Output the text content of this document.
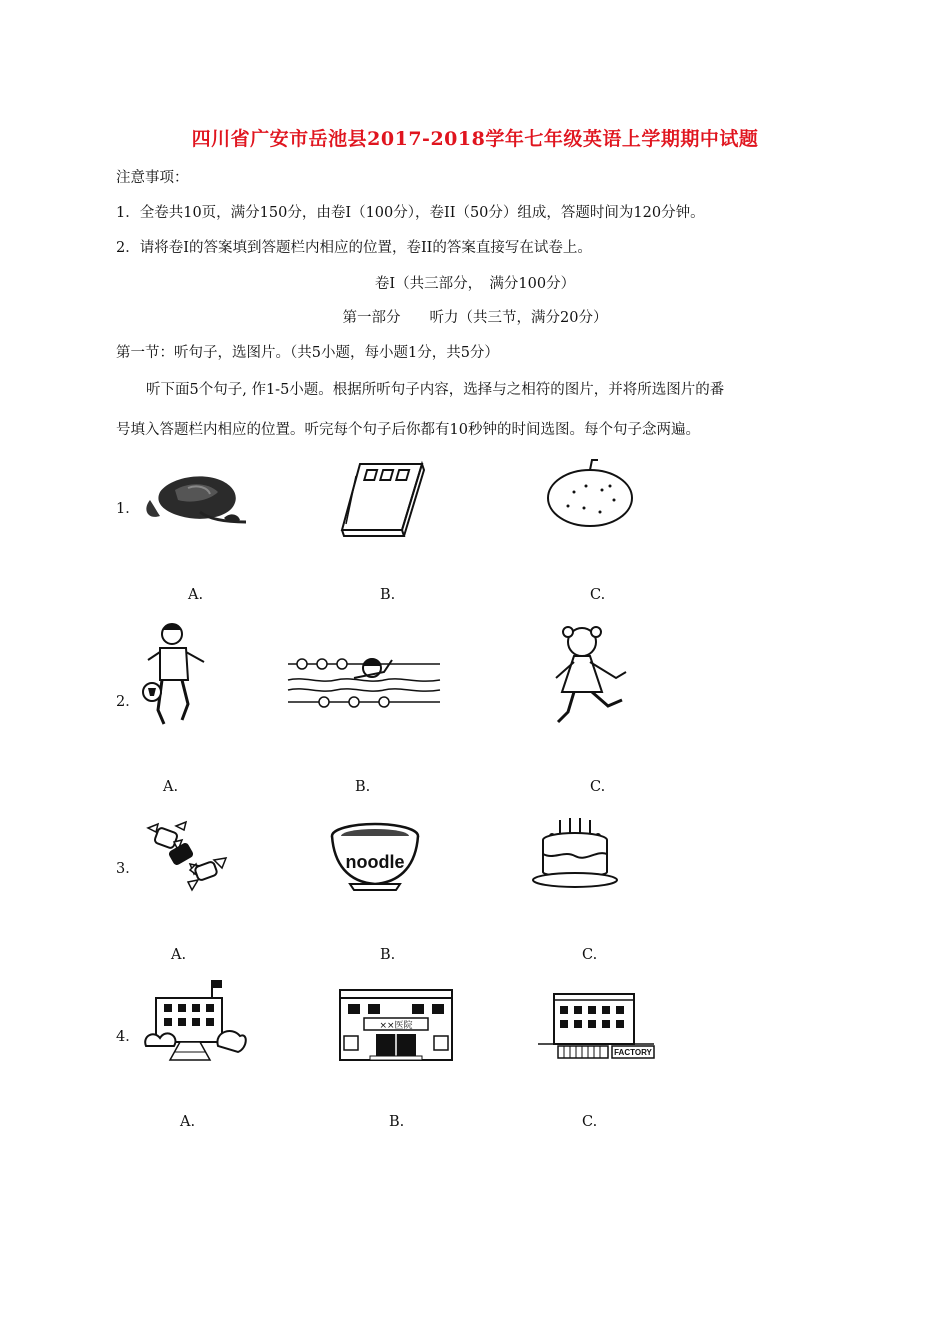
四川省广安市岳池县2017-2018学年七年级英语上学期期中试题
注意事项：
1．全卷共10页，满分150分，由卷I（100分），卷II（50分）组成，答题时间为120分钟。
2．请将卷I的答案填到答题栏内相应的位置，卷II的答案直接写在试卷上。
卷I（共三部分，　满分100分）
第一部分　　听力（共三节，满分20分）
第一节：听句子，选图片。（共5小题，每小题1分，共5分）
听下面5个句子, 作1-5小题。根据所听句子内容，选择与之相符的图片，并将所选图片的番
号填入答题栏内相应的位置。听完每个句子后你都有10秒钟的时间选图。每个句子念两遍。
1．
A.	B.	C.
2．
A.	B.	C.
3．	noodle
A.	B.	C.
4．
××医院
FACTORY
A.	B.	C.
